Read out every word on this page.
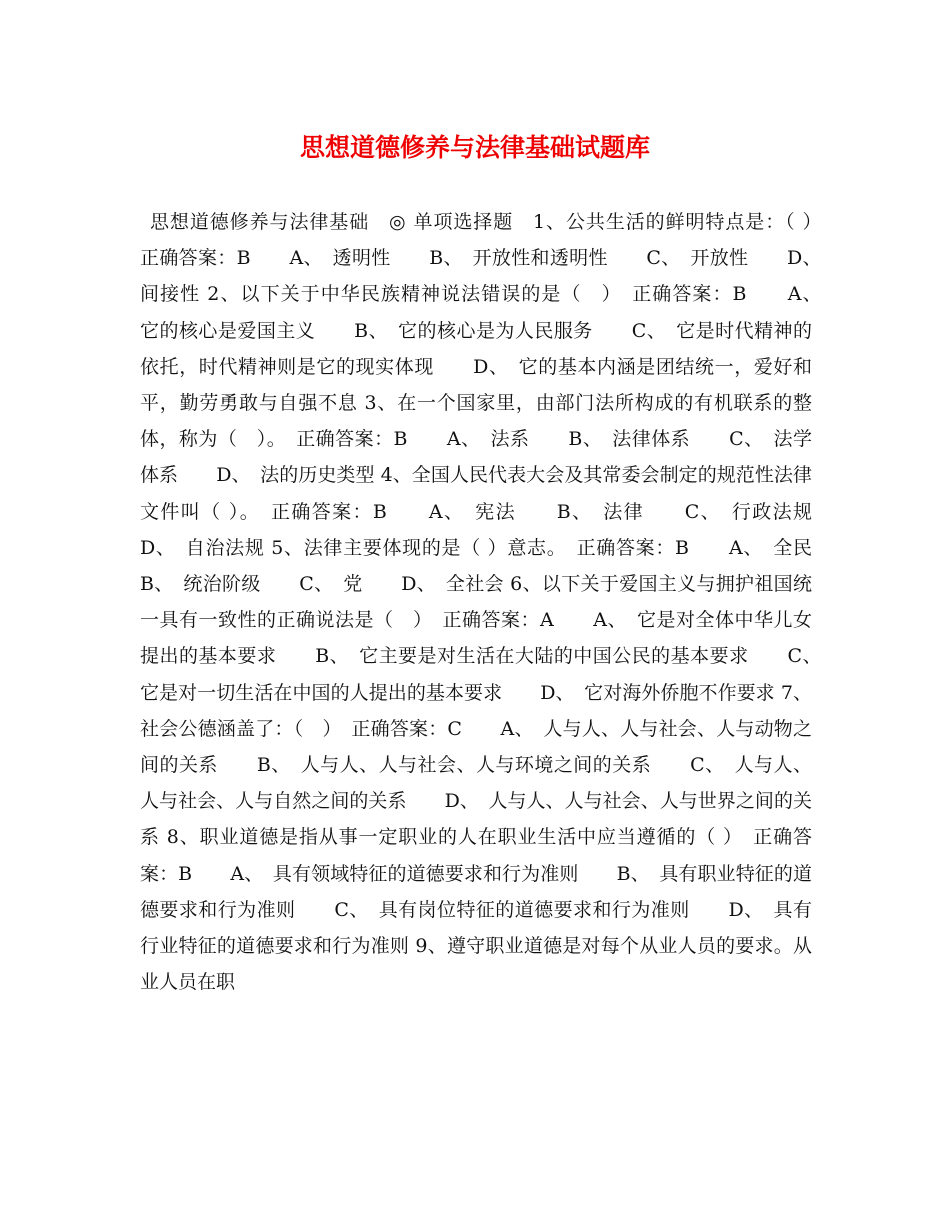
思想道德修养与法律基础试题库

思想道德修养与法律基础　◎ 单项选择题　1、公共生活的鲜明特点是：（ ）　正确答案：B　　A、　透明性　　B、　开放性和透明性　　C、　开放性　　D、　间接性 2、以下关于中华民族精神说法错误的是（　）　正确答案：B　　A、　它的核心是爱国主义　　B、　它的核心是为人民服务　　C、　它是时代精神的依托，时代精神则是它的现实体现　　D、　它的基本内涵是团结统一，爱好和平，勤劳勇敢与自强不息 3、在一个国家里，由部门法所构成的有机联系的整体，称为（　）。　正确答案：B　　A、　法系　　B、　法律体系　　C、　法学体系　　D、　法的历史类型 4、全国人民代表大会及其常委会制定的规范性法律文件叫（ ）。　正确答案：B　　A、　宪法　　B、　法律　　C、　行政法规　　D、　自治法规 5、法律主要体现的是（ ）意志。　正确答案：B　　A、　全民　　B、　统治阶级　　C、　党　　D、　全社会 6、以下关于爱国主义与拥护祖国统一具有一致性的正确说法是（　）　正确答案：A　　A、　它是对全体中华儿女提出的基本要求　　B、　它主要是对生活在大陆的中国公民的基本要求　　C、　它是对一切生活在中国的人提出的基本要求　　D、　它对海外侨胞不作要求 7、社会公德涵盖了：（　）　正确答案：C　　A、　人与人、人与社会、人与动物之间的关系　　B、　人与人、人与社会、人与环境之间的关系　　C、　人与人、人与社会、人与自然之间的关系　　D、　人与人、人与社会、人与世界之间的关系 8、职业道德是指从事一定职业的人在职业生活中应当遵循的（ ）　正确答案：B　　A、　具有领域特征的道德要求和行为准则　　B、　具有职业特征的道德要求和行为准则　　C、　具有岗位特征的道德要求和行为准则　　D、　具有行业特征的道德要求和行为准则 9、遵守职业道德是对每个从业人员的要求。从业人员在职
